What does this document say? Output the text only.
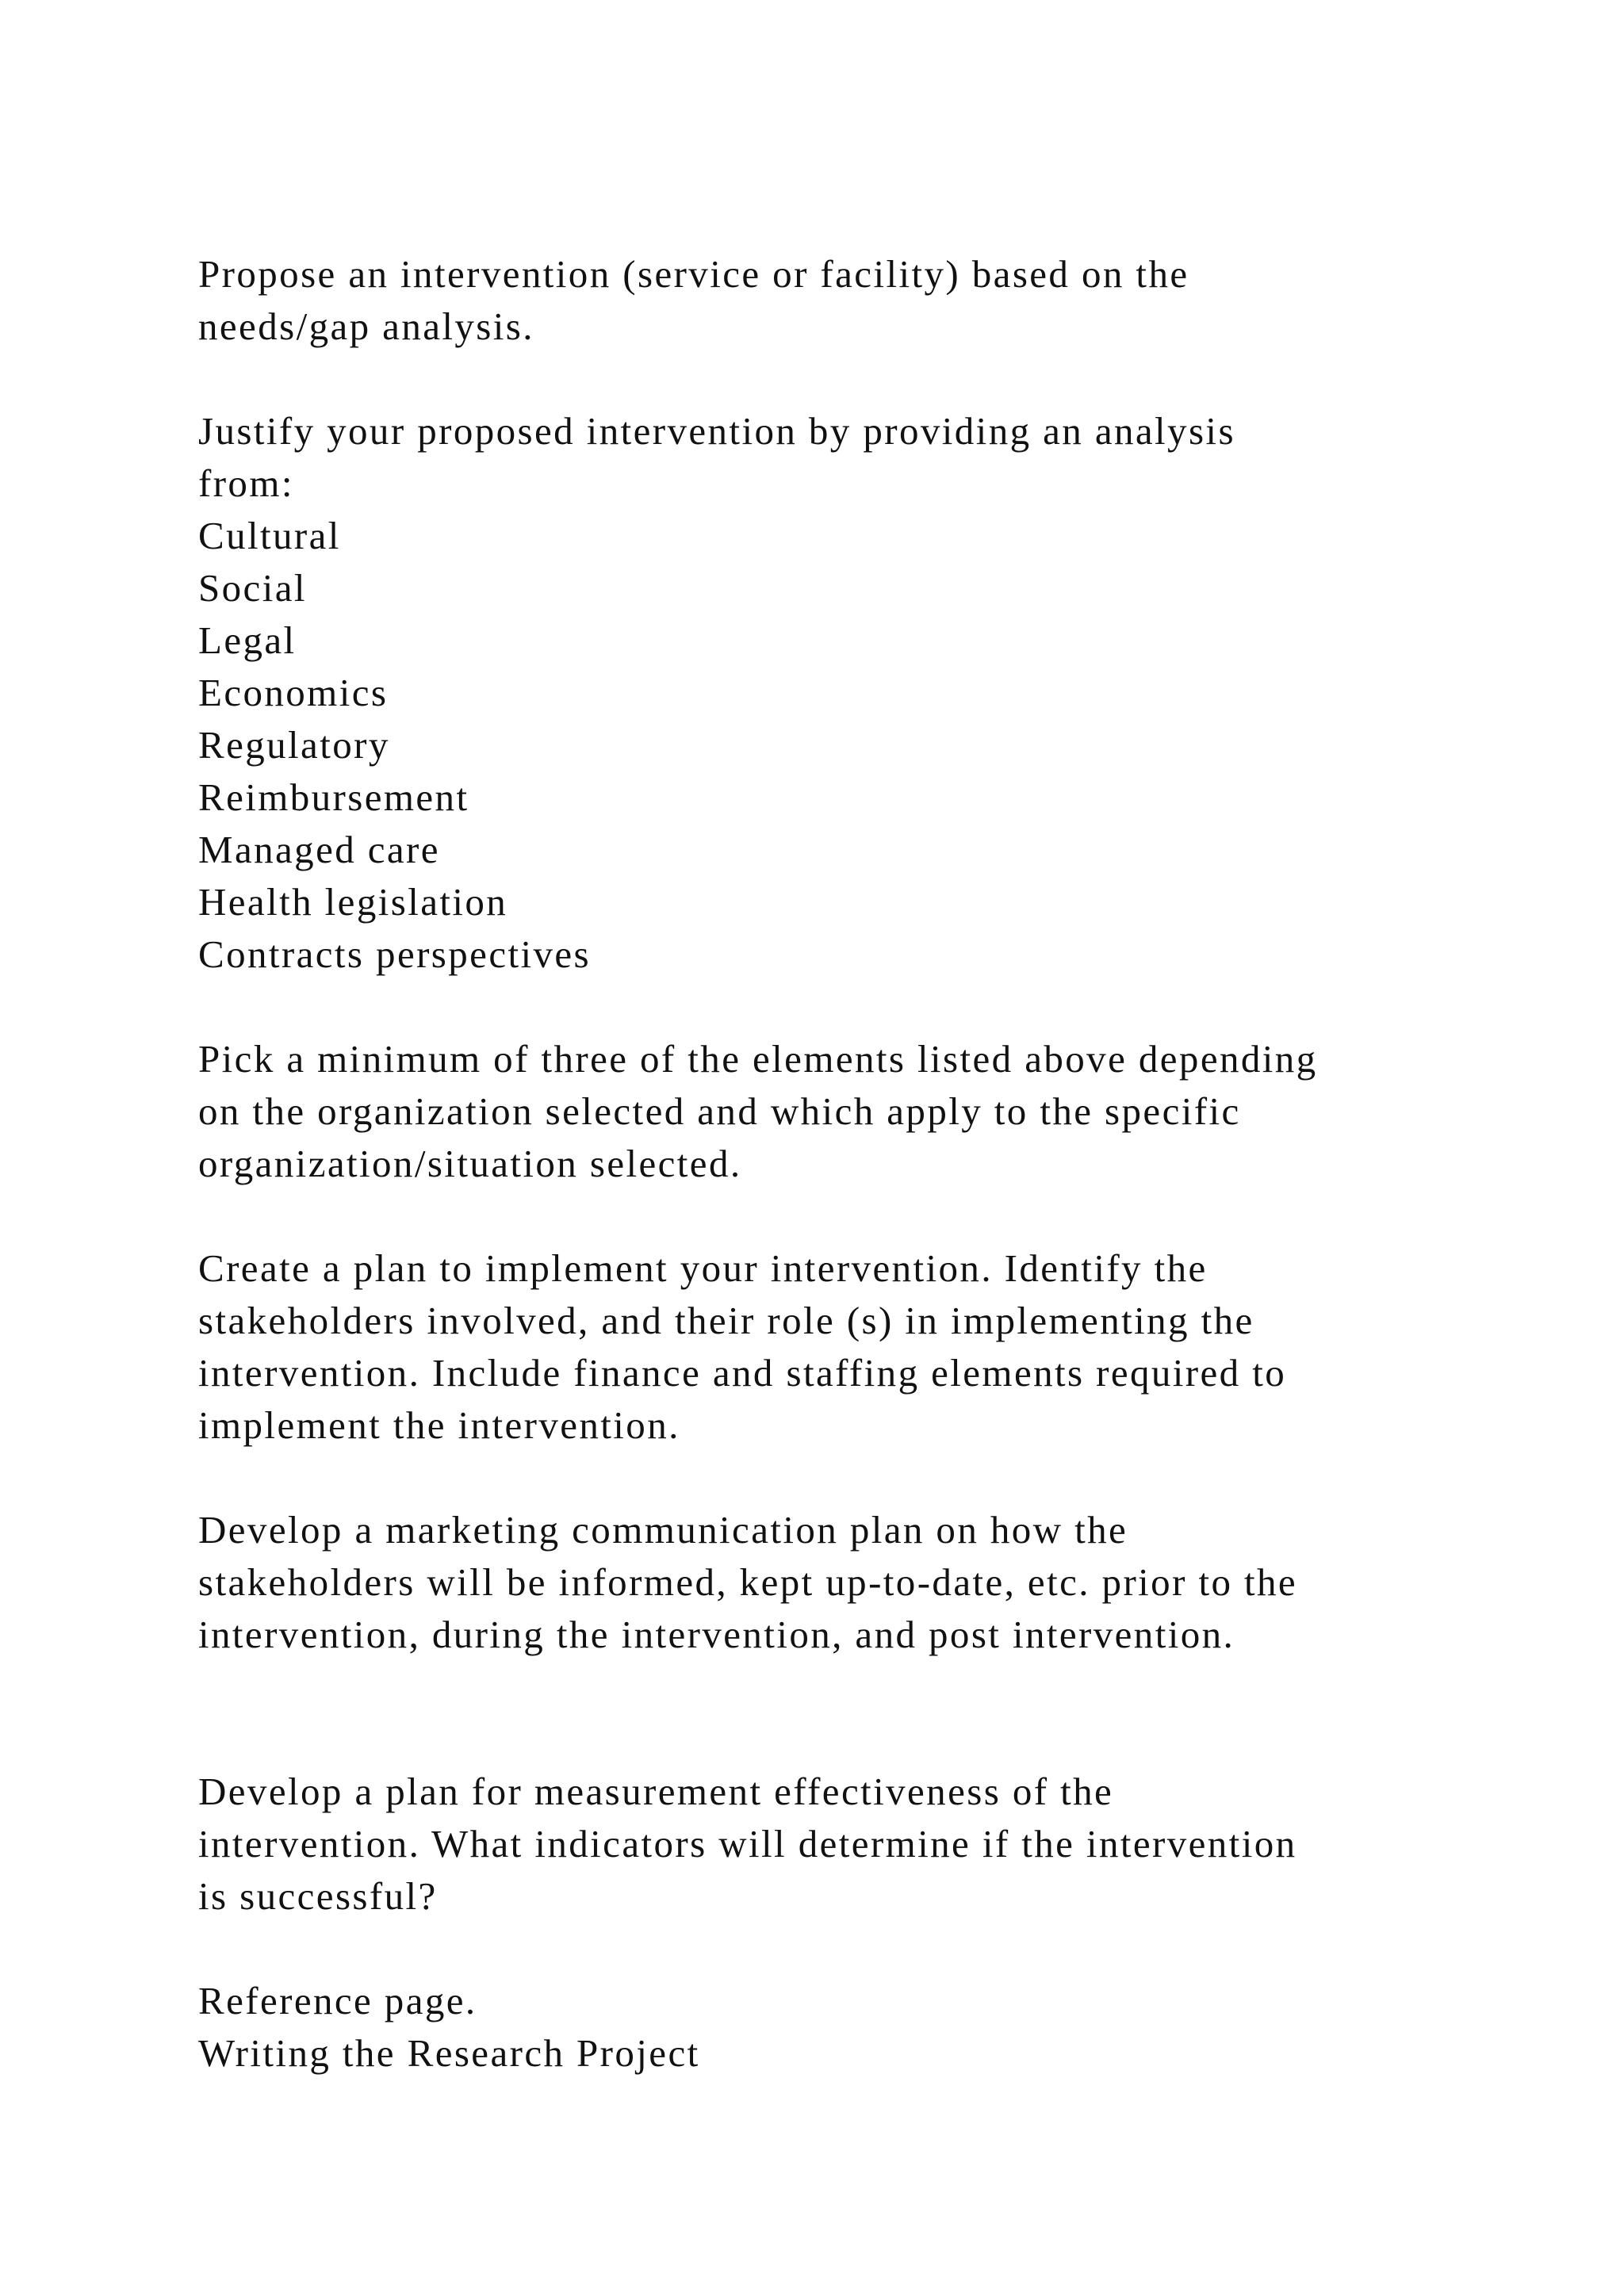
Propose an intervention (service or facility) based on the
needs/gap analysis.
Justify your proposed intervention by providing an analysis
from:
Cultural
Social
Legal
Economics
Regulatory
Reimbursement
Managed care
Health legislation
Contracts perspectives
Pick a minimum of three of the elements listed above depending
on the organization selected and which apply to the specific
organization/situation selected.
Create a plan to implement your intervention. Identify the
stakeholders involved, and their role (s) in implementing the
intervention. Include finance and staffing elements required to
implement the intervention.
Develop a marketing communication plan on how the
stakeholders will be informed, kept up-to-date, etc. prior to the
intervention, during the intervention, and post intervention.
Develop a plan for measurement effectiveness of the
intervention. What indicators will determine if the intervention
is successful?
Reference page.
Writing the Research Project
